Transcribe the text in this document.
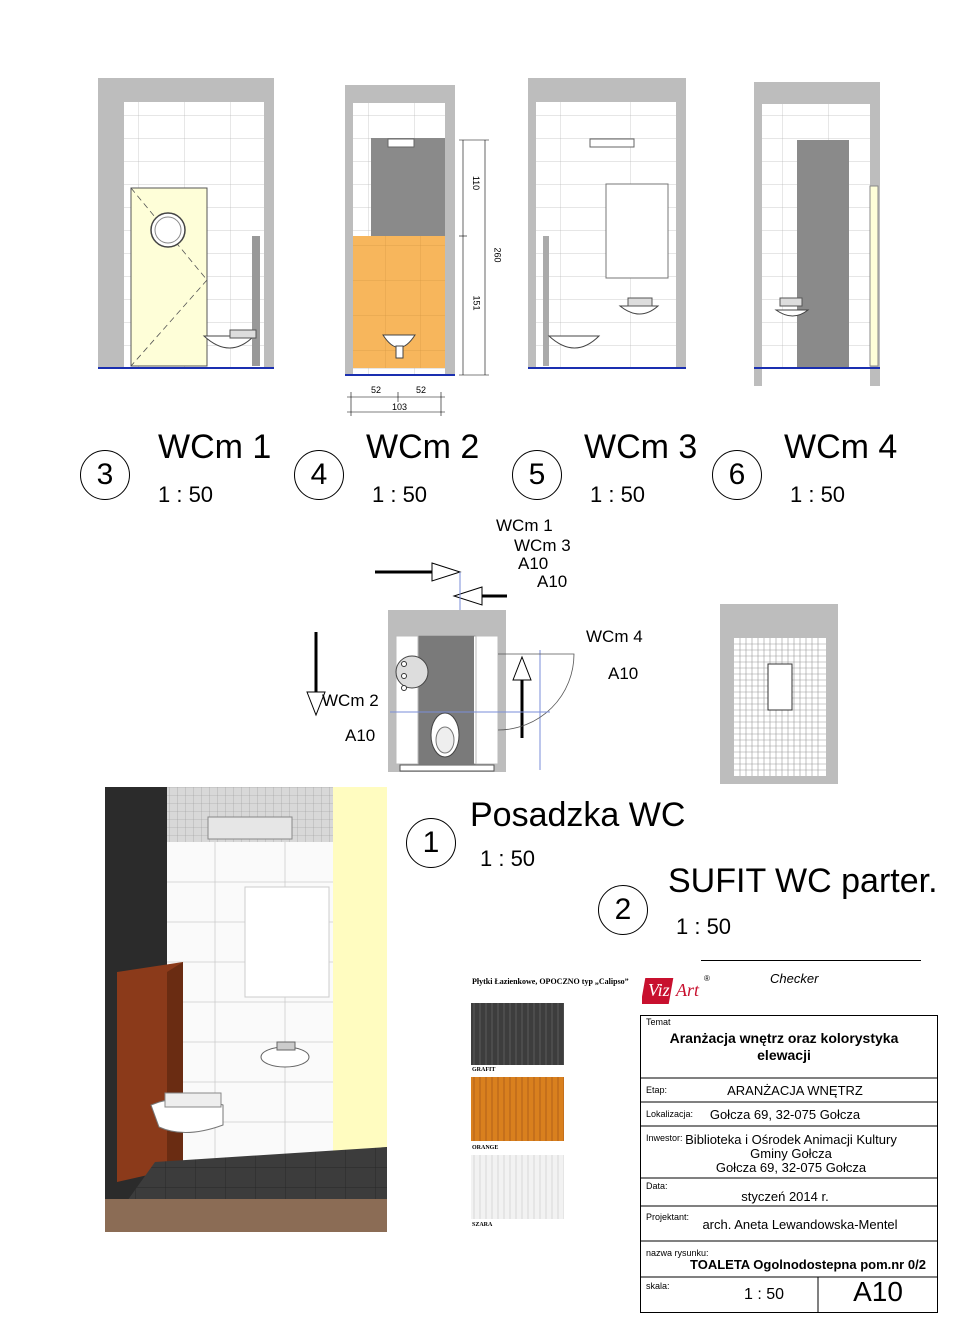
110
260
151
52	52
103
3
WCm 1
1 : 50
4
WCm 2
1 : 50
5
WCm 3
1 : 50
6
WCm 4
1 : 50
WCm 1
WCm 3
A10
A10
WCm 4
A10
WCm 2
A10
1
Posadzka WC
1 : 50
2
SUFIT WC parter.
1 : 50
Płytki Łazienkowe, OPOCZNO typ „Calipso”
GRAFIT
ORANGE
SZARA
Viz Art
®	Checker
Temat
Aranżacja wnętrz oraz kolorystyka
elewacji
Etap:	ARANŻACJA WNĘTRZ
Lokalizacja:	Gołcza 69, 32-075 Gołcza
Inwestor: Biblioteka i Ośrodek Animacji Kultury
Gminy Gołcza
Gołcza 69, 32-075 Gołcza
Data:
styczeń 2014 r.
Projektant:	arch. Aneta Lewandowska-Mentel
nazwa rysunku:
TOALETA Ogolnodostepna pom.nr 0/2
skala:	1 : 50	A10
